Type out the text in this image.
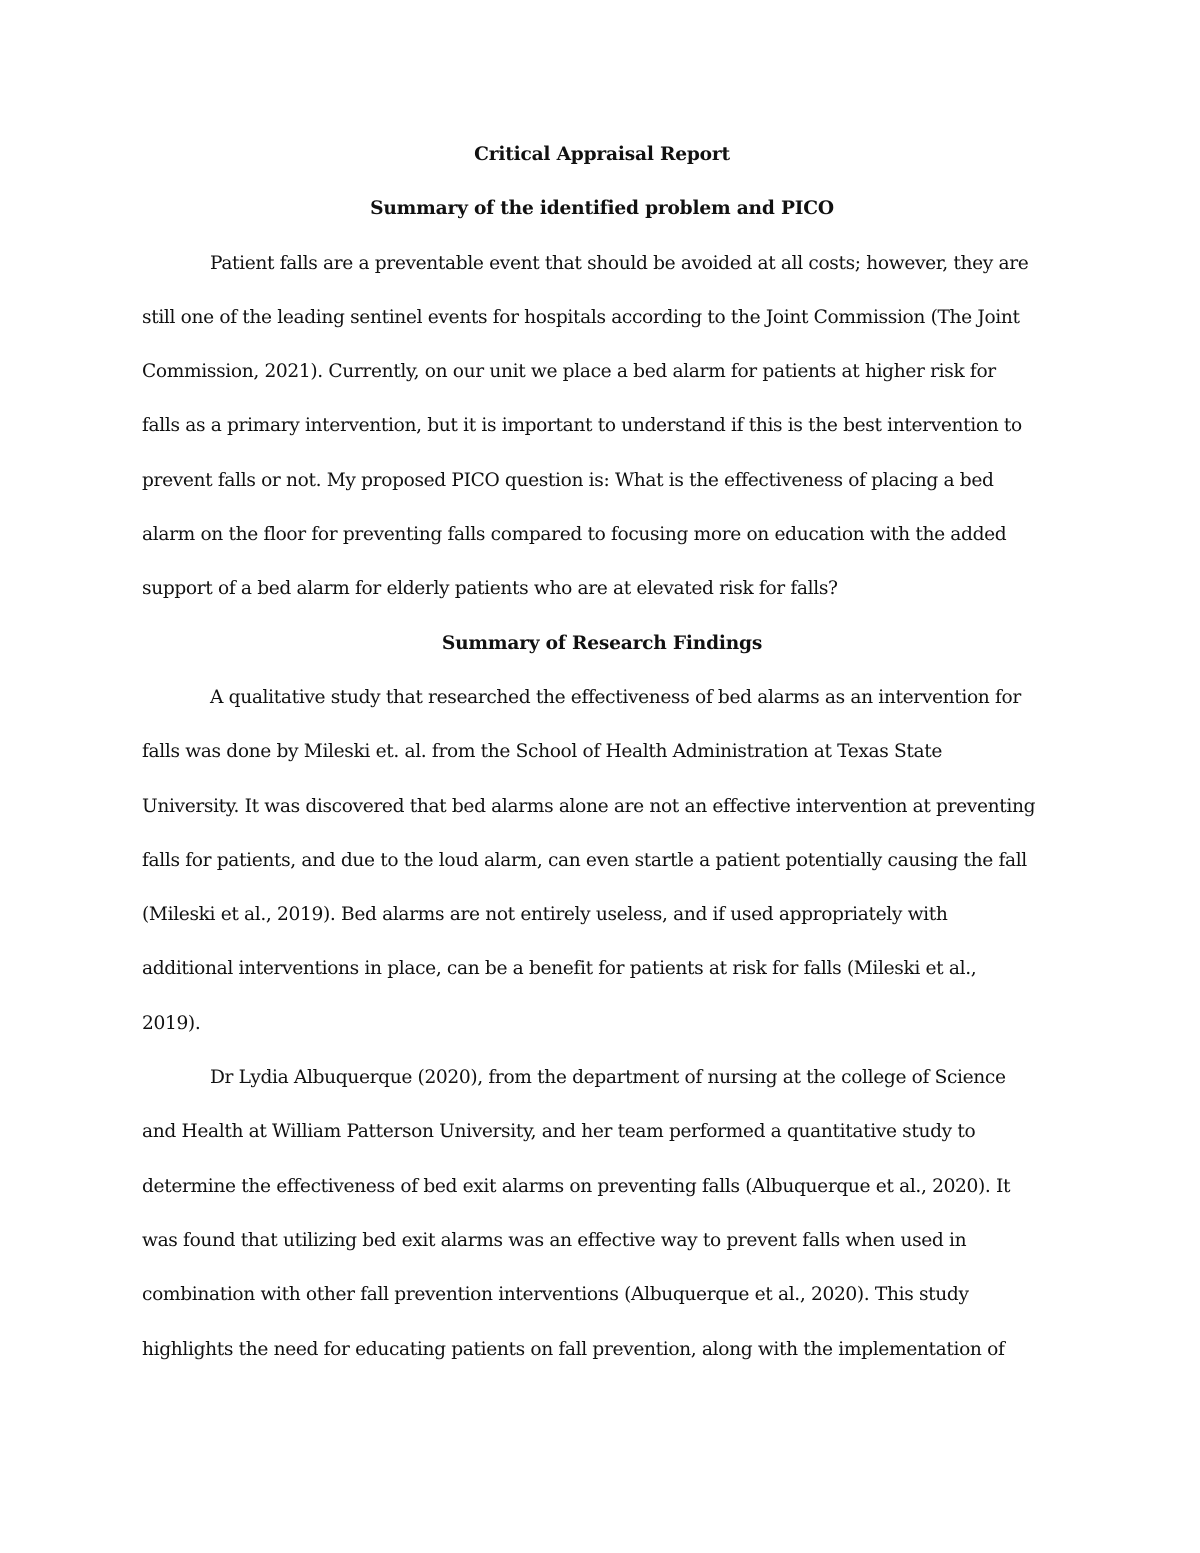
Critical Appraisal Report
Summary of the identified problem and PICO

Patient falls are a preventable event that should be avoided at all costs; however, they are
still one of the leading sentinel events for hospitals according to the Joint Commission (The Joint
Commission, 2021). Currently, on our unit we place a bed alarm for patients at higher risk for
falls as a primary intervention, but it is important to understand if this is the best intervention to
prevent falls or not. My proposed PICO question is: What is the effectiveness of placing a bed
alarm on the floor for preventing falls compared to focusing more on education with the added
support of a bed alarm for elderly patients who are at elevated risk for falls?

Summary of Research Findings

A qualitative study that researched the effectiveness of bed alarms as an intervention for
falls was done by Mileski et. al. from the School of Health Administration at Texas State
University. It was discovered that bed alarms alone are not an effective intervention at preventing
falls for patients, and due to the loud alarm, can even startle a patient potentially causing the fall
(Mileski et al., 2019). Bed alarms are not entirely useless, and if used appropriately with
additional interventions in place, can be a benefit for patients at risk for falls (Mileski et al.,
2019).

Dr Lydia Albuquerque (2020), from the department of nursing at the college of Science
and Health at William Patterson University, and her team performed a quantitative study to
determine the effectiveness of bed exit alarms on preventing falls (Albuquerque et al., 2020). It
was found that utilizing bed exit alarms was an effective way to prevent falls when used in
combination with other fall prevention interventions (Albuquerque et al., 2020). This study
highlights the need for educating patients on fall prevention, along with the implementation of
